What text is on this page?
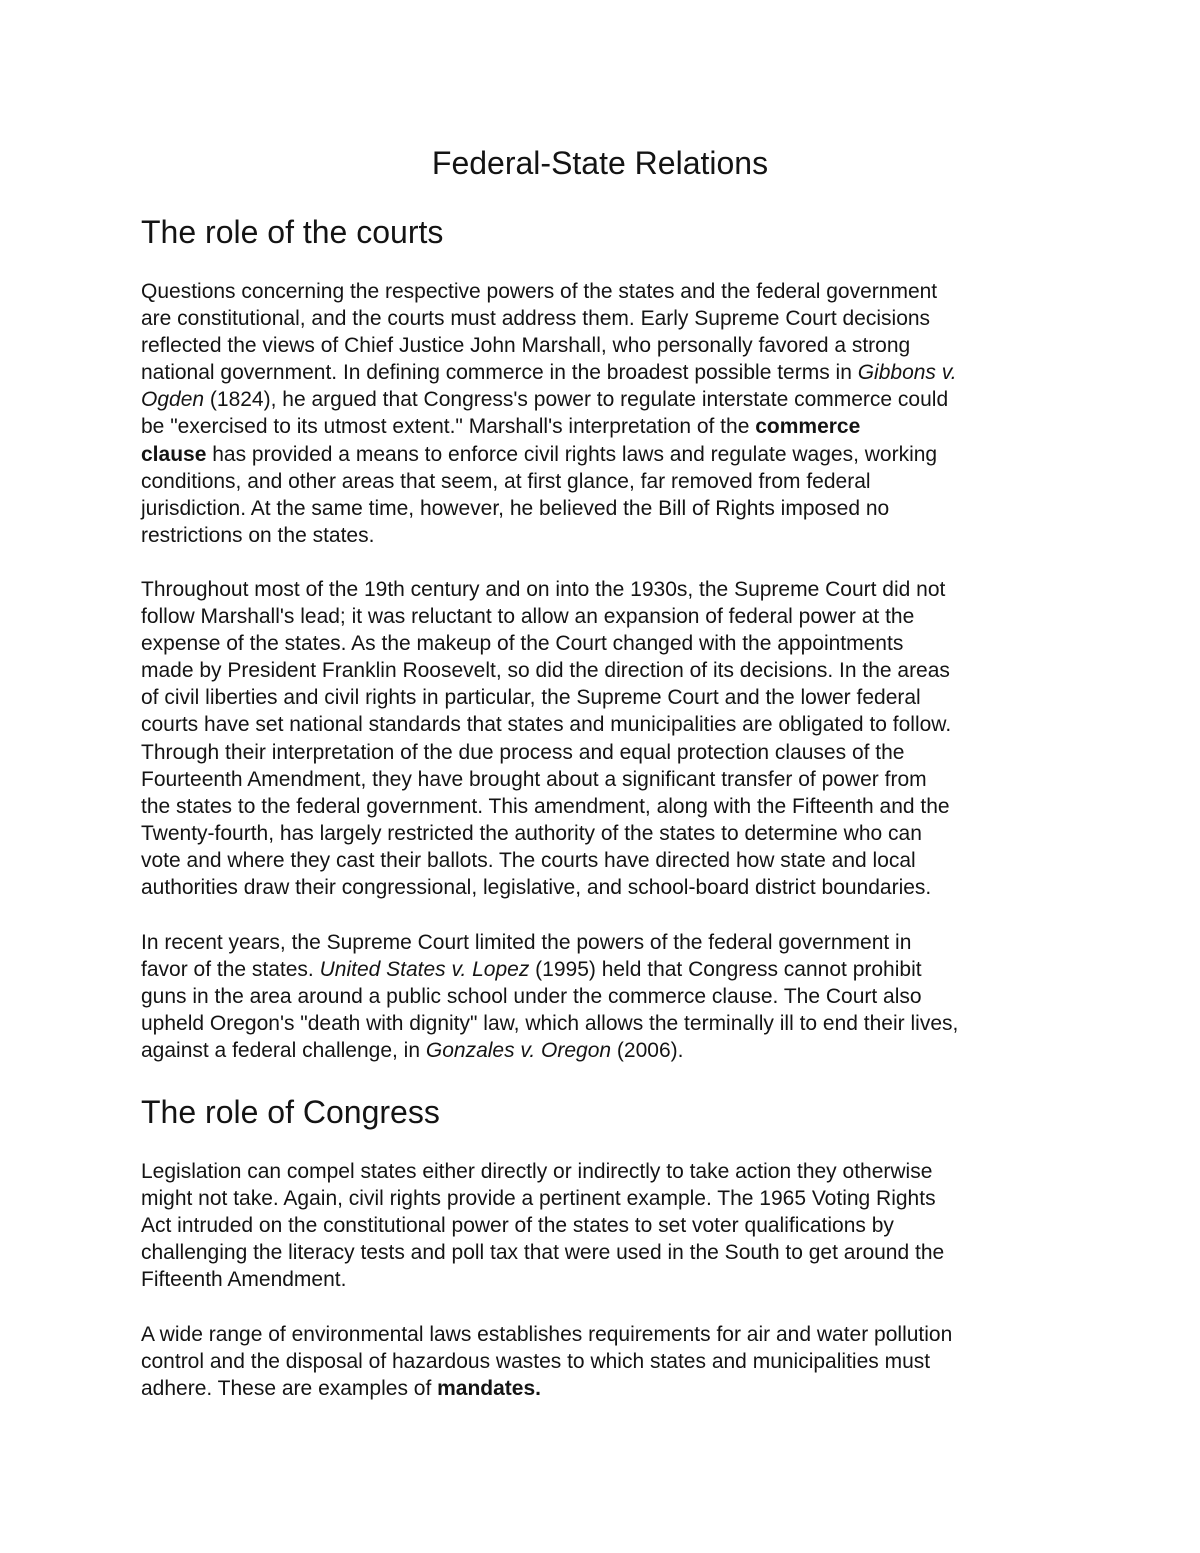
Federal-State Relations
The role of the courts

Questions concerning the respective powers of the states and the federal government
are constitutional, and the courts must address them. Early Supreme Court decisions
reflected the views of Chief Justice John Marshall, who personally favored a strong
national government. In defining commerce in the broadest possible terms in Gibbons v.
Ogden (1824), he argued that Congress's power to regulate interstate commerce could
be "exercised to its utmost extent." Marshall's interpretation of the commerce
clause has provided a means to enforce civil rights laws and regulate wages, working
conditions, and other areas that seem, at first glance, far removed from federal
jurisdiction. At the same time, however, he believed the Bill of Rights imposed no
restrictions on the states.

Throughout most of the 19th century and on into the 1930s, the Supreme Court did not
follow Marshall's lead; it was reluctant to allow an expansion of federal power at the
expense of the states. As the makeup of the Court changed with the appointments
made by President Franklin Roosevelt, so did the direction of its decisions. In the areas
of civil liberties and civil rights in particular, the Supreme Court and the lower federal
courts have set national standards that states and municipalities are obligated to follow.
Through their interpretation of the due process and equal protection clauses of the
Fourteenth Amendment, they have brought about a significant transfer of power from
the states to the federal government. This amendment, along with the Fifteenth and the
Twenty-fourth, has largely restricted the authority of the states to determine who can
vote and where they cast their ballots. The courts have directed how state and local
authorities draw their congressional, legislative, and school-board district boundaries.

In recent years, the Supreme Court limited the powers of the federal government in
favor of the states. United States v. Lopez (1995) held that Congress cannot prohibit
guns in the area around a public school under the commerce clause. The Court also
upheld Oregon's "death with dignity" law, which allows the terminally ill to end their lives,
against a federal challenge, in Gonzales v. Oregon (2006).

The role of Congress

Legislation can compel states either directly or indirectly to take action they otherwise
might not take. Again, civil rights provide a pertinent example. The 1965 Voting Rights
Act intruded on the constitutional power of the states to set voter qualifications by
challenging the literacy tests and poll tax that were used in the South to get around the
Fifteenth Amendment.

A wide range of environmental laws establishes requirements for air and water pollution
control and the disposal of hazardous wastes to which states and municipalities must
adhere. These are examples of mandates.
